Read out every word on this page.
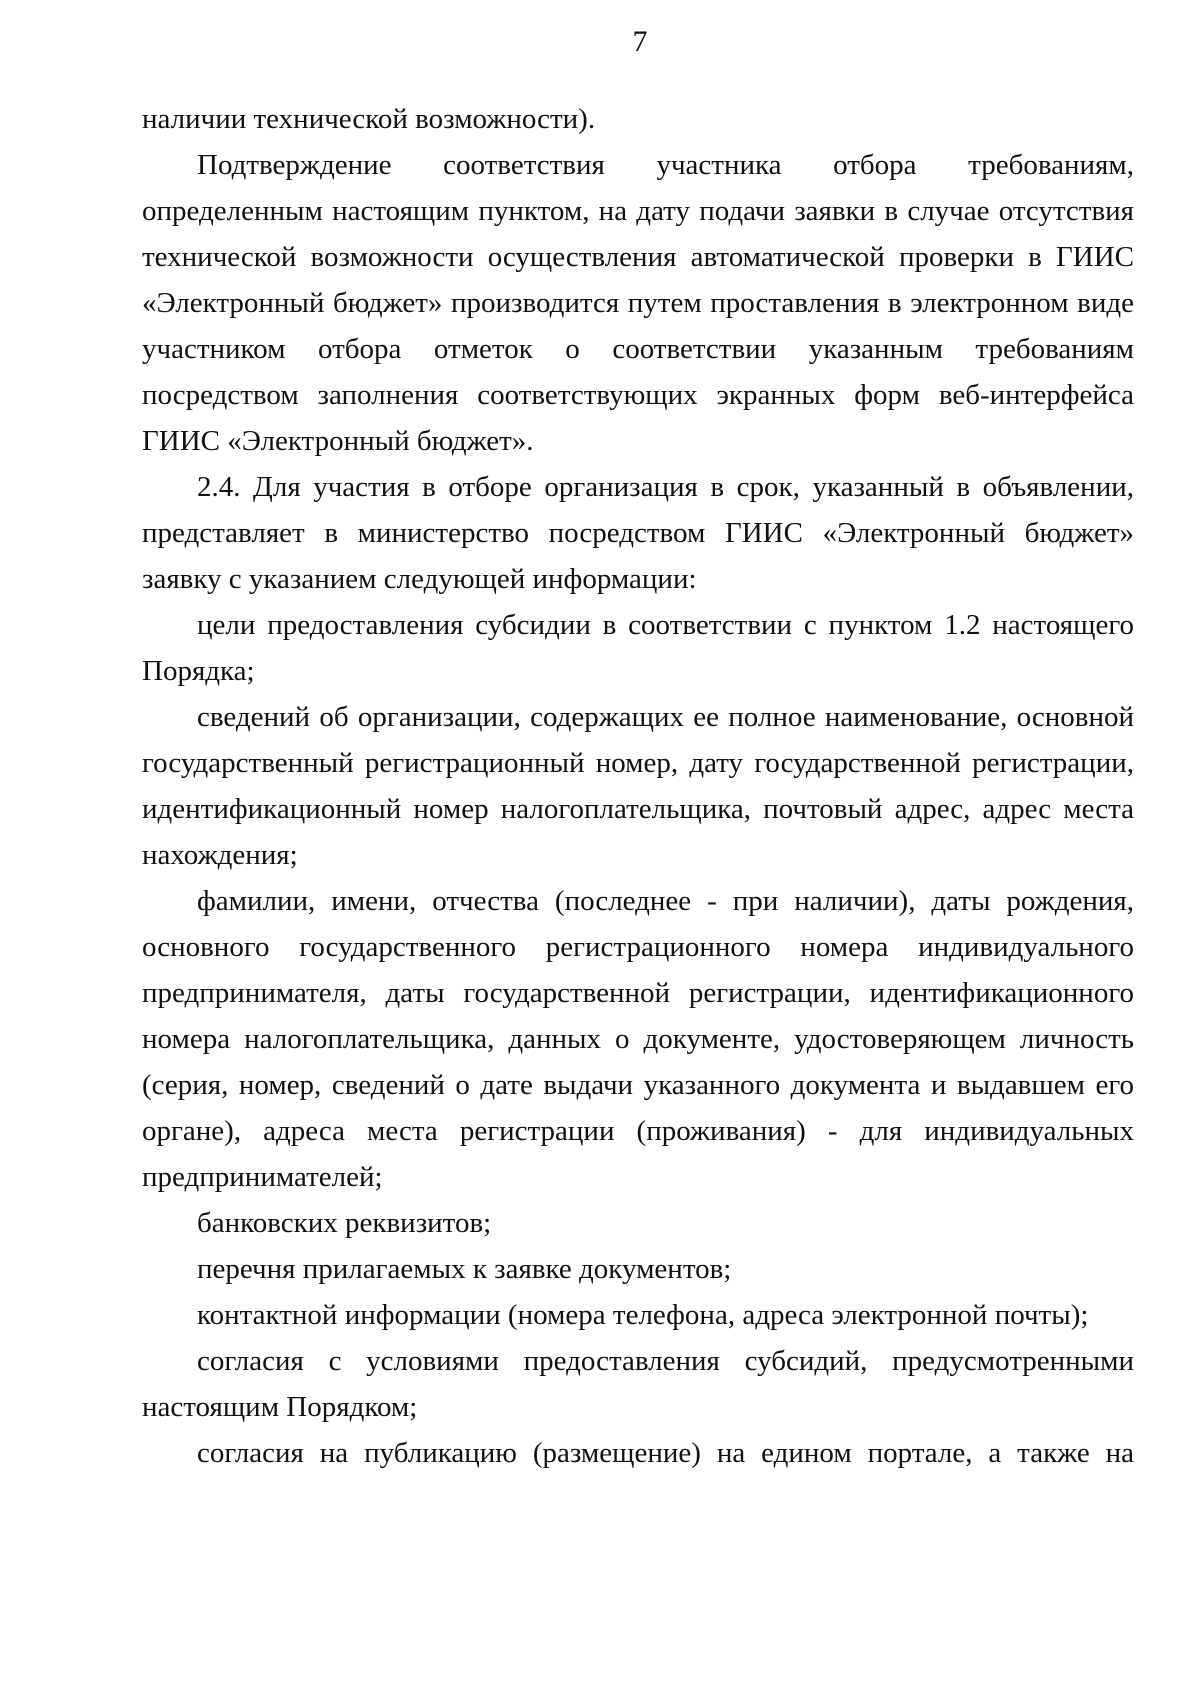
7

наличии технической возможности).

Подтверждение соответствия участника отбора требованиям, определенным настоящим пунктом, на дату подачи заявки в случае отсутствия технической возможности осуществления автоматической проверки в ГИИС «Электронный бюджет» производится путем проставления в электронном виде участником отбора отметок о соответствии указанным требованиям посредством заполнения соответствующих экранных форм веб-интерфейса ГИИС «Электронный бюджет».

2.4. Для участия в отборе организация в срок, указанный в объявлении, представляет в министерство посредством ГИИС «Электронный бюджет» заявку с указанием следующей информации:

цели предоставления субсидии в соответствии с пунктом 1.2 настоящего Порядка;

сведений об организации, содержащих ее полное наименование, основной государственный регистрационный номер, дату государственной регистрации, идентификационный номер налогоплательщика, почтовый адрес, адрес места нахождения;

фамилии, имени, отчества (последнее - при наличии), даты рождения, основного государственного регистрационного номера индивидуального предпринимателя, даты государственной регистрации, идентификационного номера налогоплательщика, данных о документе, удостоверяющем личность (серия, номер, сведений о дате выдачи указанного документа и выдавшем его органе), адреса места регистрации (проживания) - для индивидуальных предпринимателей;

банковских реквизитов;

перечня прилагаемых к заявке документов;

контактной информации (номера телефона, адреса электронной почты);

согласия с условиями предоставления субсидий, предусмотренными настоящим Порядком;

согласия на публикацию (размещение) на едином портале, а также на
